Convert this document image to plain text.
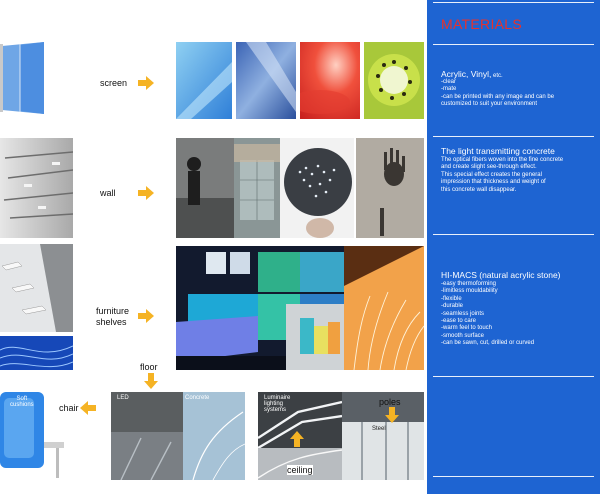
screen
wall
furniture
shelves
Soft
cushions	chair
floor
LED	Concrete	Luminaire
lighting
systems
Steel
poles
ceiling
MATERIALS
Acrylic, Vinyl, etc.
-clear
-mate
-can be printed with any image and can be
customized to suit your environment
The light transmitting concrete
The optical fibers woven into the fine concrete
and create slight see-through effect.
This special effect creates the general
impression that thickness and weight of
this concrete wall disappear.
HI-MACS (natural acrylic stone)
-easy thermoforming
-limitless mouldability
-flexible
-durable
-seamless joints
-ease to care
-warm feel to touch
-smooth surface
-can be sawn, cut, drilled or curved
